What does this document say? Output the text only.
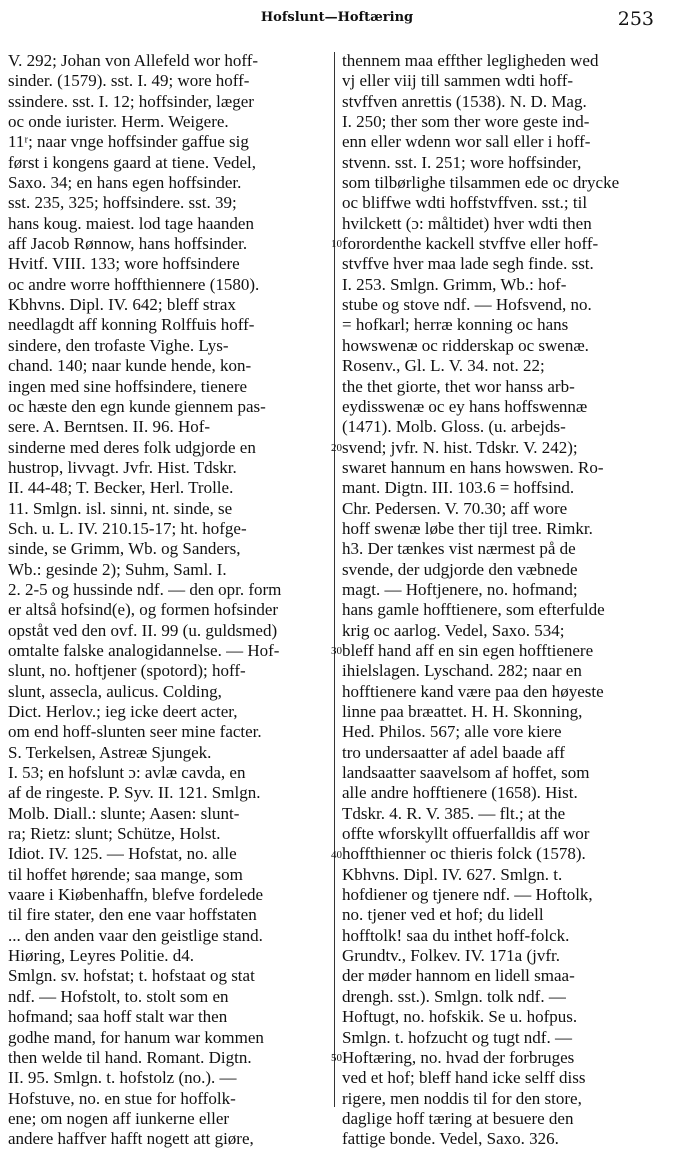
Hofslunt—Hoftæring	253
V. 292; Johan von Allefeld wor hoff-
sinder. (1579). sst. I. 49; wore hoff-
ssindere. sst. I. 12; hoffsinder, læger
oc onde iurister. Herm. Weigere.
11ʳ; naar vnge hoffsinder gaffue sig
først i kongens gaard at tiene. Vedel,
Saxo. 34; en hans egen hoffsinder.
sst. 235, 325; hoffsindere. sst. 39;
hans koug. maiest. lod tage haanden
aff Jacob Rønnow, hans hoffsinder.
Hvitf. VIII. 133; wore hoffsindere
oc andre worre hoffthiennere (1580).
Kbhvns. Dipl. IV. 642; bleff strax
needlagdt aff konning Rolffuis hoff-
sindere, den trofaste Vighe. Lys-
chand. 140; naar kunde hende, kon-
ingen med sine hoffsindere, tienere
oc hæste den egn kunde giennem pas-
sere. A. Berntsen. II. 96. Hof-
sinderne med deres folk udgjorde en
hustrop, livvagt. Jvfr. Hist. Tdskr.
II. 44-48; T. Becker, Herl. Trolle.
11. Smlgn. isl. sinni, nt. sinde, se
Sch. u. L. IV. 210.15-17; ht. hofge-
sinde, se Grimm, Wb. og Sanders,
Wb.: gesinde 2); Suhm, Saml. I.
2. 2-5 og hussinde ndf. — den opr. form
er altså hofsind(e), og formen hofsinder
opståt ved den ovf. II. 99 (u. guldsmed)
omtalte falske analogidannelse. — Hof-
slunt, no. hoftjener (spotord); hoff-
slunt, assecla, aulicus. Colding,
Dict. Herlov.; ieg icke deert acter,
om end hoff-slunten seer mine facter.
S. Terkelsen, Astreæ Sjungek.
I. 53; en hofslunt ɔ: avlæ cavda, en
af de ringeste. P. Syv. II. 121. Smlgn.
Molb. Diall.: slunte; Aasen: slunt-
ra; Rietz: slunt; Schütze, Holst.
Idiot. IV. 125. — Hofstat, no. alle
til hoffet hørende; saa mange, som
vaare i Kiøbenhaffn, blefve fordelede
til fire stater, den ene vaar hoffstaten
... den anden vaar den geistlige stand.
Hiøring, Leyres Politie. d4.
Smlgn. sv. hofstat; t. hofstaat og stat
ndf. — Hofstolt, to. stolt som en
hofmand; saa hoff stalt war then
godhe mand, for hanum war kommen
then welde til hand. Romant. Digtn.
II. 95. Smlgn. t. hofstolz (no.). —
Hofstuve, no. en stue for hoffolk-
ene; om nogen aff iunkerne eller
andere haffver hafft nogett att giøre,
10
20
30
40
50
thennem maa effther legligheden wed
vj eller viij till sammen wdti hoff-
stvffven anrettis (1538). N. D. Mag.
I. 250; ther som ther wore geste ind-
enn eller wdenn wor sall eller i hoff-
stvenn. sst. I. 251; wore hoffsinder,
som tilbørlighe tilsammen ede oc drycke
oc bliffwe wdti hoffstvffven. sst.; til
hvilckett (ɔ: måltidet) hver wdti then
forordenthe kackell stvffve eller hoff-
stvffve hver maa lade segh finde. sst.
I. 253. Smlgn. Grimm, Wb.: hof-
stube og stove ndf. — Hofsvend, no.
= hofkarl; herræ konning oc hans
howswenæ oc ridderskap oc swenæ.
Rosenv., Gl. L. V. 34. not. 22;
the thet giorte, thet wor hanss arb-
eydisswenæ oc ey hans hoffswennæ
(1471). Molb. Gloss. (u. arbejds-
svend; jvfr. N. hist. Tdskr. V. 242);
swaret hannum en hans howswen. Ro-
mant. Digtn. III. 103.6 = hoffsind.
Chr. Pedersen. V. 70.30; aff wore
hoff swenæ løbe ther tijl tree. Rimkr.
h3. Der tænkes vist nærmest på de
svende, der udgjorde den væbnede
magt. — Hoftjenere, no. hofmand;
hans gamle hofftienere, som efterfulde
krig oc aarlog. Vedel, Saxo. 534;
bleff hand aff en sin egen hofftienere
ihielslagen. Lyschand. 282; naar en
hofftienere kand være paa den høyeste
linne paa bræattet. H. H. Skonning,
Hed. Philos. 567; alle vore kiere
tro undersaatter af adel baade aff
landsaatter saavelsom af hoffet, som
alle andre hofftienere (1658). Hist.
Tdskr. 4. R. V. 385. — flt.; at the
offte wforskyllt offuerfalldis aff wor
hoffthienner oc thieris folck (1578).
Kbhvns. Dipl. IV. 627. Smlgn. t.
hofdiener og tjenere ndf. — Hoftolk,
no. tjener ved et hof; du lidell
hofftolk! saa du inthet hoff-folck.
Grundtv., Folkev. IV. 171a (jvfr.
der møder hannom en lidell smaa-
drengh. sst.). Smlgn. tolk ndf. —
Hoftugt, no. hofskik. Se u. hofpus.
Smlgn. t. hofzucht og tugt ndf. —
Hoftæring, no. hvad der forbruges
ved et hof; bleff hand icke selff diss
rigere, men noddis til for den store,
daglige hoff tæring at besuere den
fattige bonde. Vedel, Saxo. 326.
